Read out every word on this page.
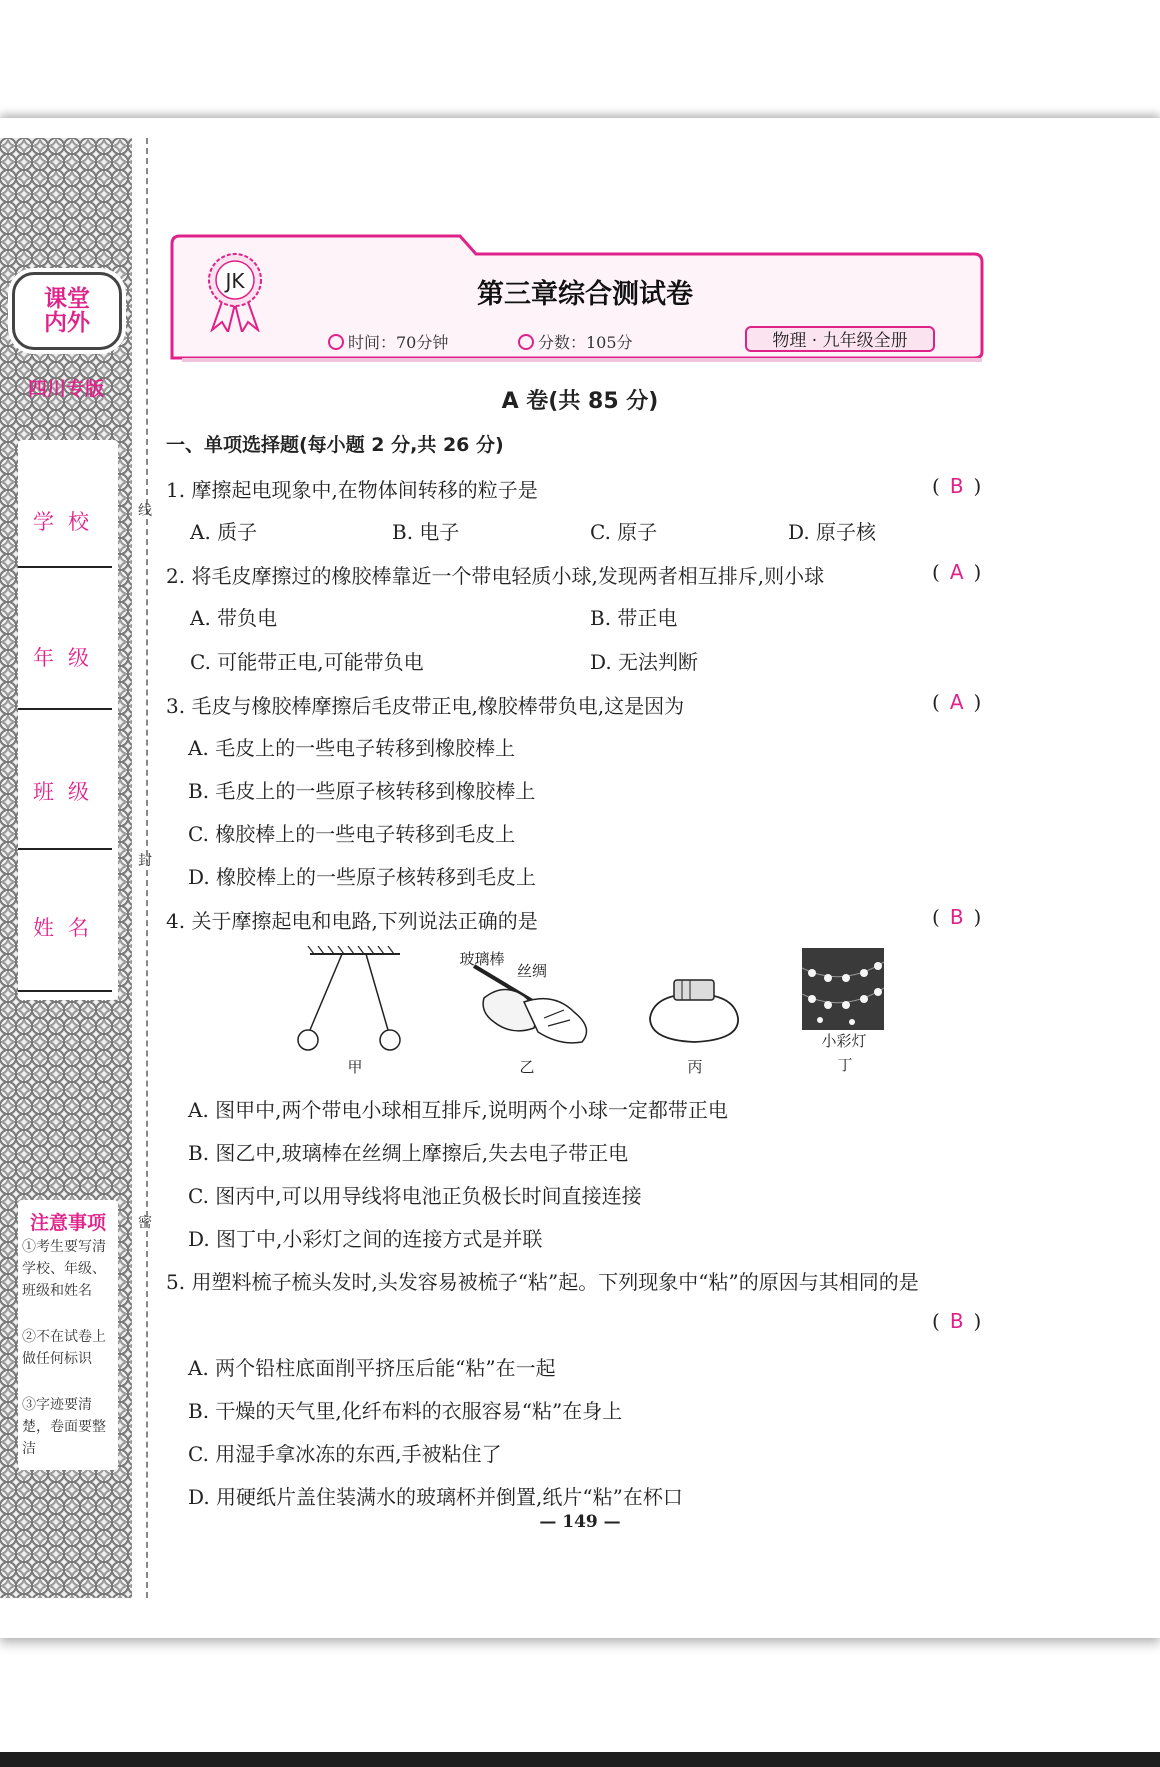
课堂
内外
四川专版
学校
年级
班级
姓名
注意事项
①考生要写清学校、年级、班级和姓名
②不在试卷上做任何标识
③字迹要清楚，卷面要整洁
线
封
密
JK	第三章综合测试卷
时间：70分钟	分数：105分	物理 · 九年级全册
A 卷(共 85 分)
一、单项选择题(每小题 2 分,共 26 分)
1. 摩擦起电现象中,在物体间转移的粒子是	( B )
A. 质子	B. 电子	C. 原子	D. 原子核
2. 将毛皮摩擦过的橡胶棒靠近一个带电轻质小球,发现两者相互排斥,则小球	( A )
A. 带负电	B. 带正电
C. 可能带正电,可能带负电	D. 无法判断
3. 毛皮与橡胶棒摩擦后毛皮带正电,橡胶棒带负电,这是因为	( A )
A. 毛皮上的一些电子转移到橡胶棒上
B. 毛皮上的一些原子核转移到橡胶棒上
C. 橡胶棒上的一些电子转移到毛皮上
D. 橡胶棒上的一些原子核转移到毛皮上
4. 关于摩擦起电和电路,下列说法正确的是	( B )
甲
玻璃棒
丝绸
乙	丙
小彩灯
丁
A. 图甲中,两个带电小球相互排斥,说明两个小球一定都带正电
B. 图乙中,玻璃棒在丝绸上摩擦后,失去电子带正电
C. 图丙中,可以用导线将电池正负极长时间直接连接
D. 图丁中,小彩灯之间的连接方式是并联
5. 用塑料梳子梳头发时,头发容易被梳子“粘”起。下列现象中“粘”的原因与其相同的是
( B )
A. 两个铅柱底面削平挤压后能“粘”在一起
B. 干燥的天气里,化纤布料的衣服容易“粘”在身上
C. 用湿手拿冰冻的东西,手被粘住了
D. 用硬纸片盖住装满水的玻璃杯并倒置,纸片“粘”在杯口
— 149 —
